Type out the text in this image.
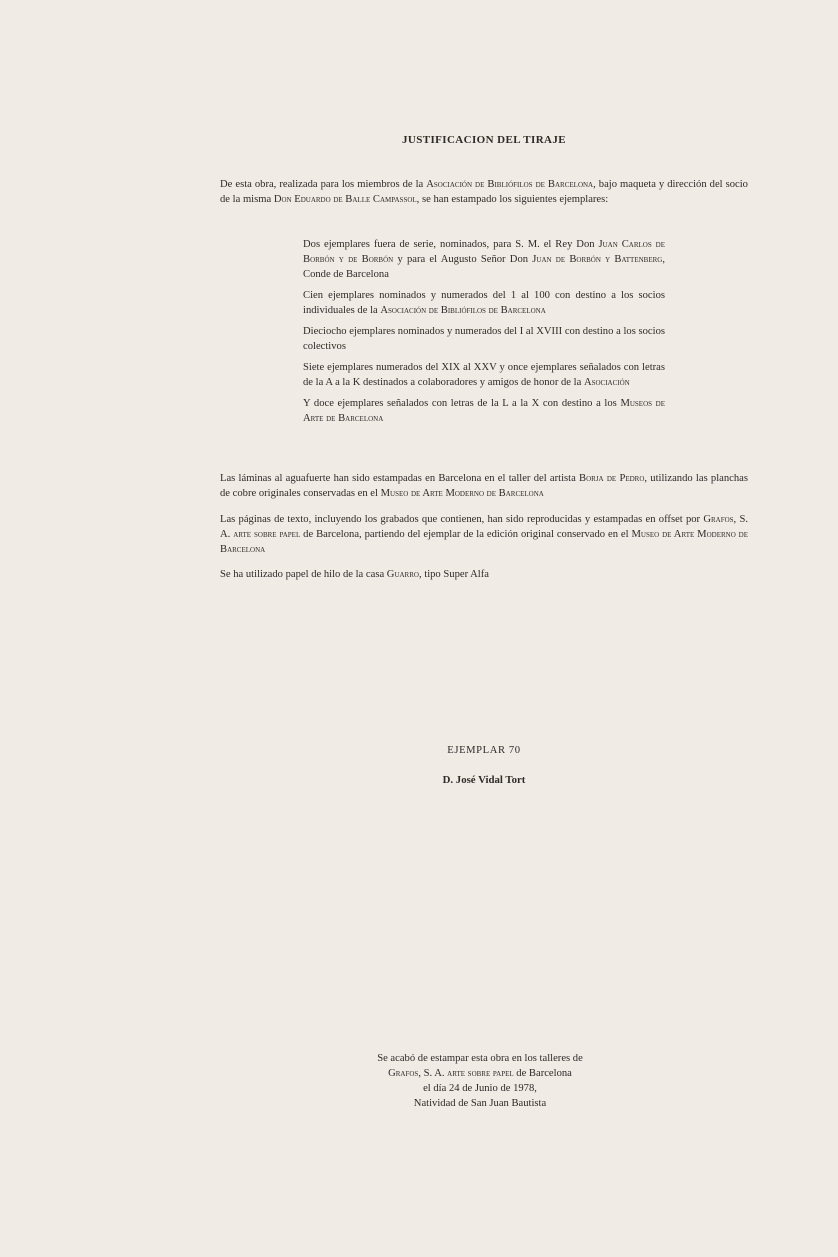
JUSTIFICACION DEL TIRAJE

De esta obra, realizada para los miembros de la Asociación de Bibliófilos de Barcelona, bajo maqueta y dirección del socio de la misma Don Eduardo de Balle Campassol, se han estampado los siguientes ejemplares:

Dos ejemplares fuera de serie, nominados, para S. M. el Rey Don Juan Carlos de Borbón y de Borbón y para el Augusto Señor Don Juan de Borbón y Battenberg, Conde de Barcelona
Cien ejemplares nominados y numerados del 1 al 100 con destino a los socios individuales de la Asociación de Bibliófilos de Barcelona
Dieciocho ejemplares nominados y numerados del I al XVIII con destino a los socios colectivos
Siete ejemplares numerados del XIX al XXV y once ejemplares señalados con letras de la A a la K destinados a colaboradores y amigos de honor de la Asociación
Y doce ejemplares señalados con letras de la L a la X con destino a los Museos de Arte de Barcelona

Las láminas al aguafuerte han sido estampadas en Barcelona en el taller del artista Borja de Pedro, utilizando las planchas de cobre originales conservadas en el Museo de Arte Moderno de Barcelona

Las páginas de texto, incluyendo los grabados que contienen, han sido reproducidas y estampadas en offset por Grafos, S. A. arte sobre papel de Barcelona, partiendo del ejemplar de la edición original conservado en el Museo de Arte Moderno de Barcelona

Se ha utilizado papel de hilo de la casa Guarro, tipo Super Alfa

EJEMPLAR 70

D. José Vidal Tort

Se acabó de estampar esta obra en los talleres de
Grafos, S. A. arte sobre papel de Barcelona
el día 24 de Junio de 1978,
Natividad de San Juan Bautista
